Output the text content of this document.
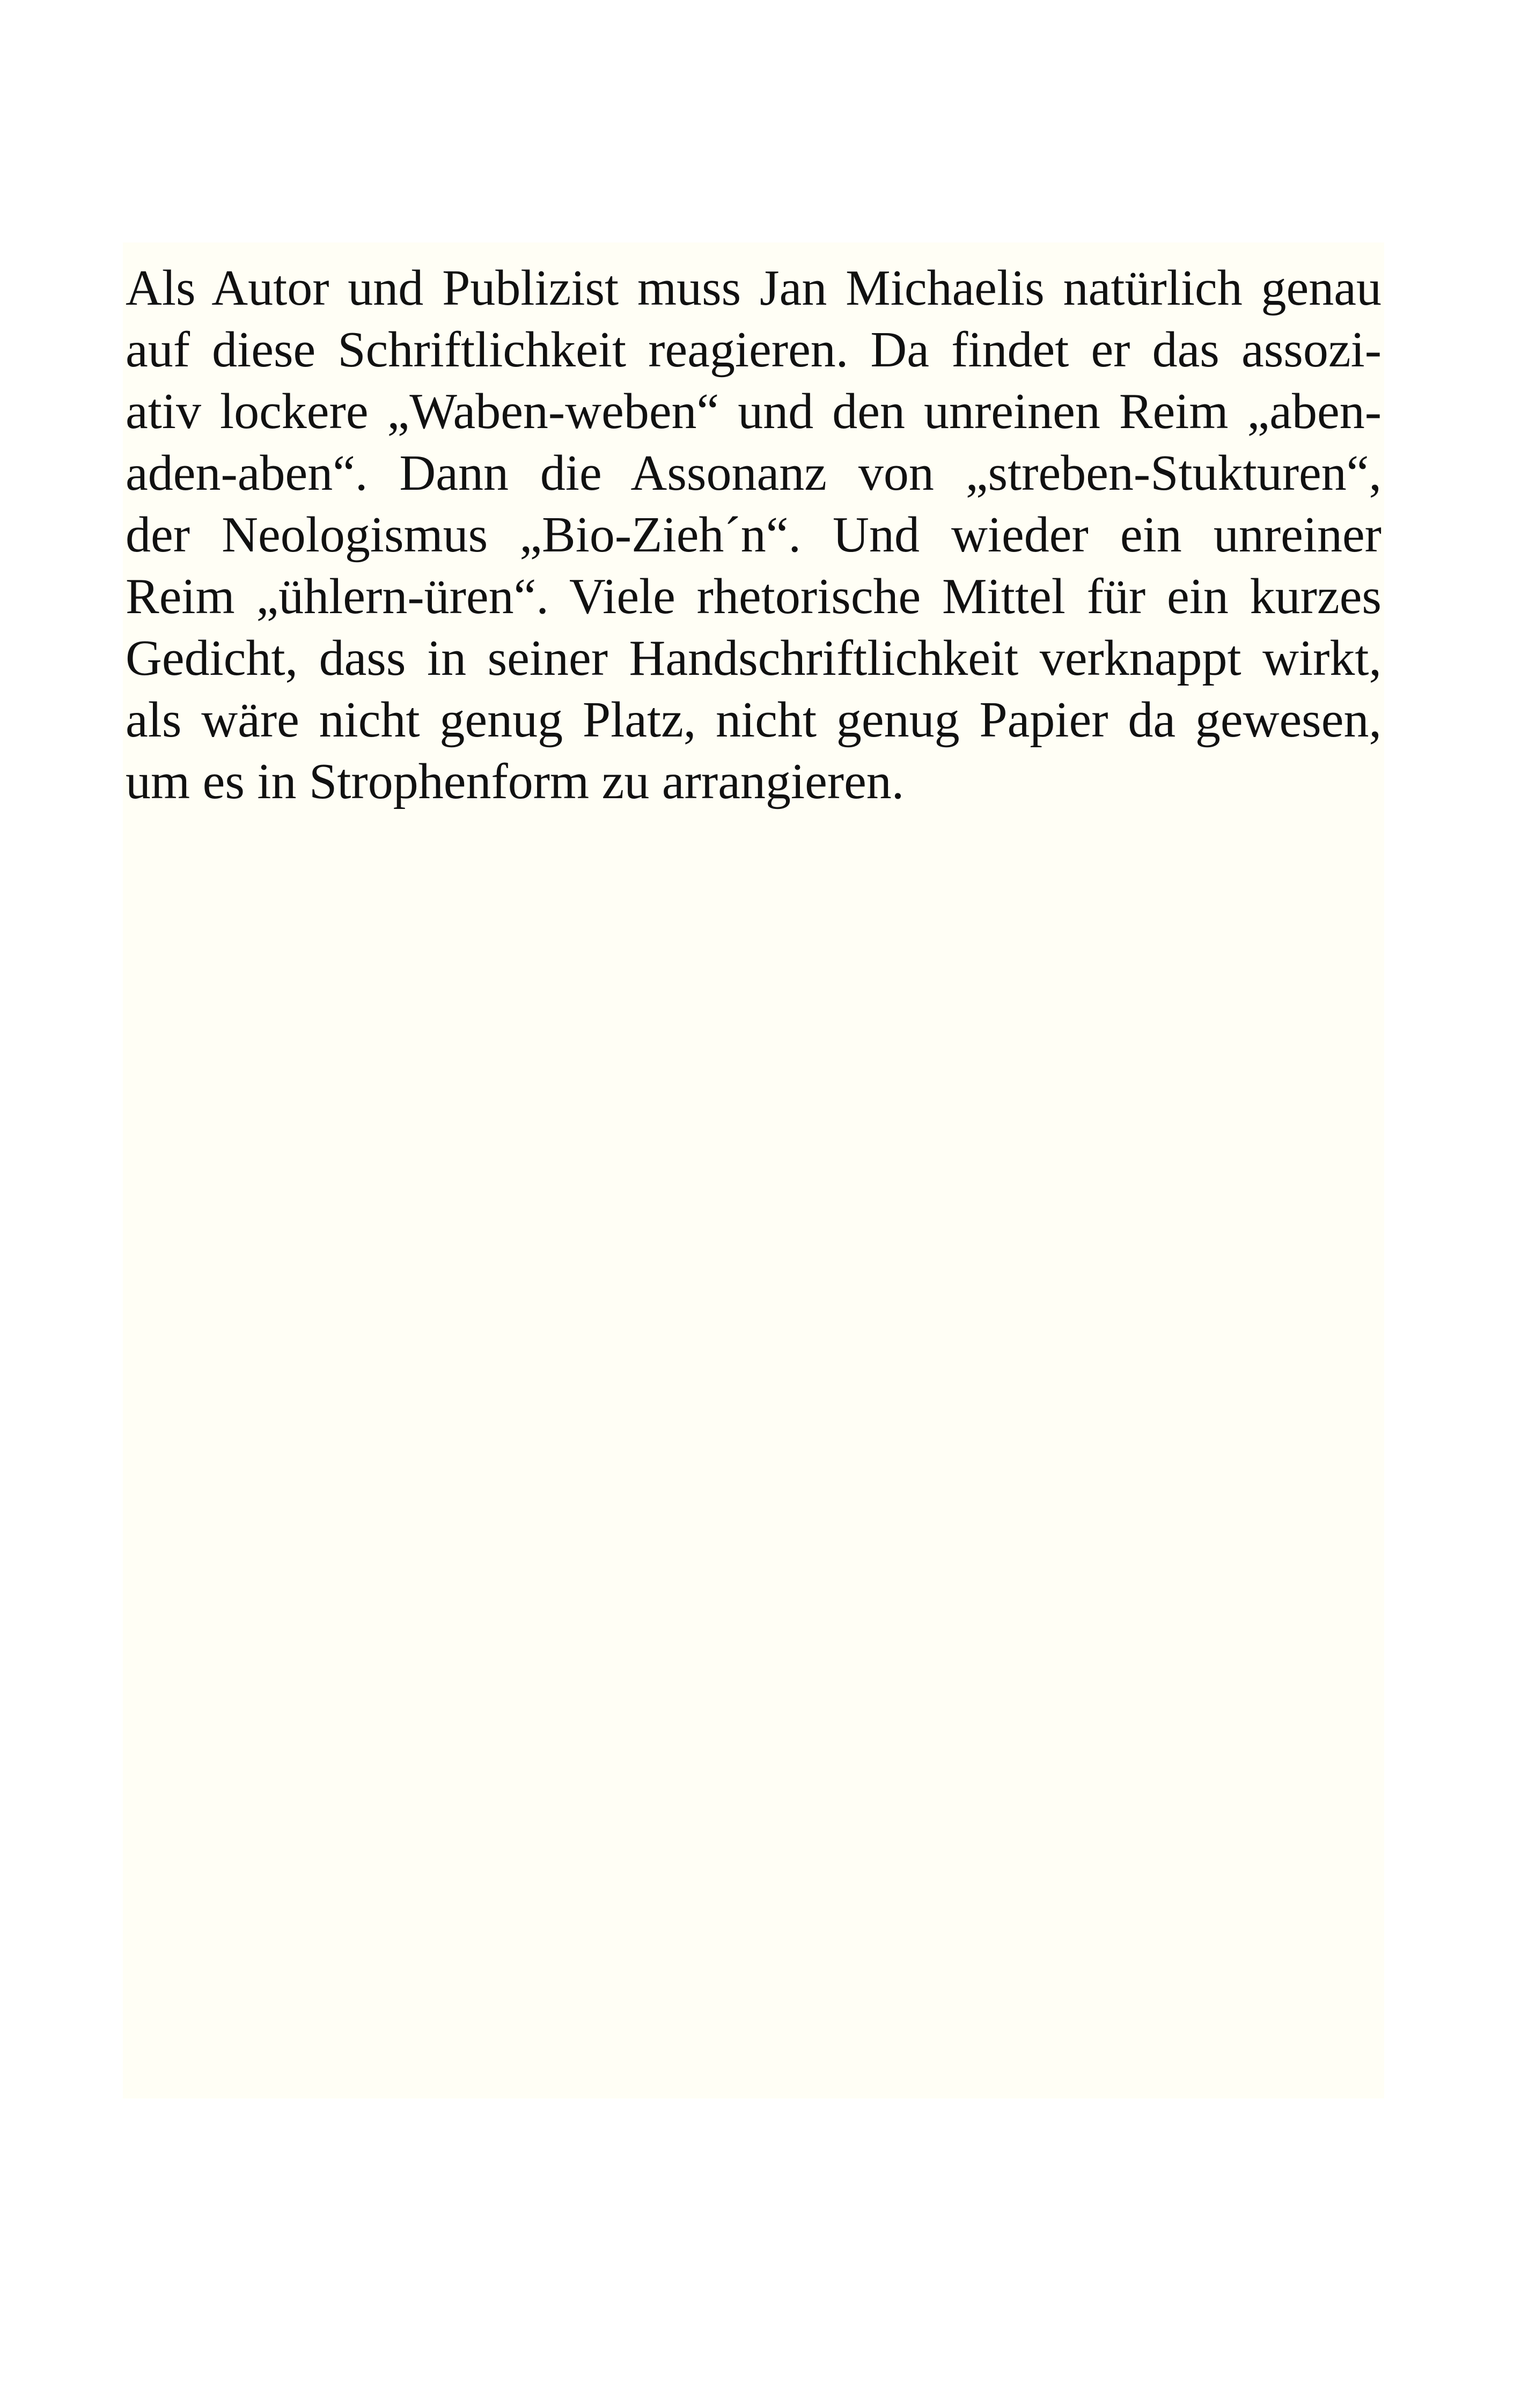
Als Autor und Publizist muss Jan Michaelis natürlich genau
auf diese Schriftlichkeit reagieren. Da findet er das assozi-
ativ lockere „Waben-weben“ und den unreinen Reim „aben-
aden-aben“. Dann die Assonanz von „streben-Stukturen“,
der Neologismus „Bio-Zieh´n“. Und wieder ein unreiner
Reim „ühlern-üren“. Viele rhetorische Mittel für ein kurzes
Gedicht, dass in seiner Handschriftlichkeit verknappt wirkt,
als wäre nicht genug Platz, nicht genug Papier da gewesen,
um es in Strophenform zu arrangieren.
